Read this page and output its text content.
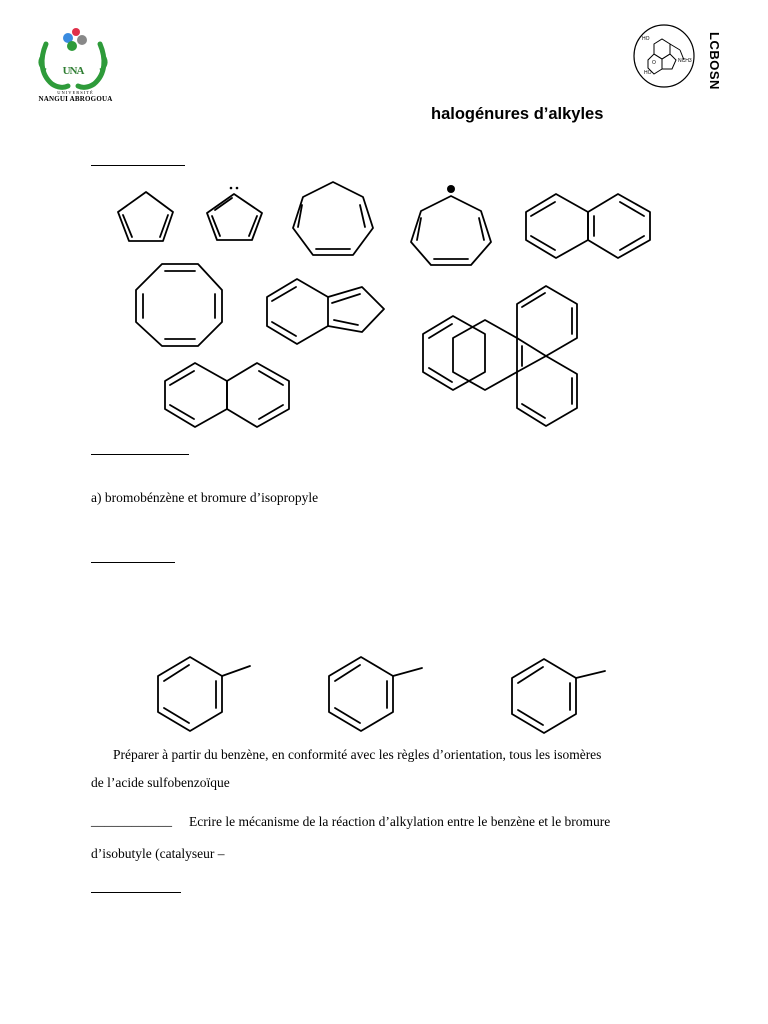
UNA
UNIVERSITÉ
NANGUI ABROGOUA
HO
O
HO
NCH3 LCBOSN
halogénures d’alkyles
a) bromobénzène et bromure d’isopropyle
Préparer à partir du benzène, en conformité avec les règles d’orientation, tous les isomères
de l’acide sulfobenzoïque
____________ Ecrire le mécanisme de la réaction d’alkylation entre le benzène et le bromure
d’isobutyle (catalyseur –
